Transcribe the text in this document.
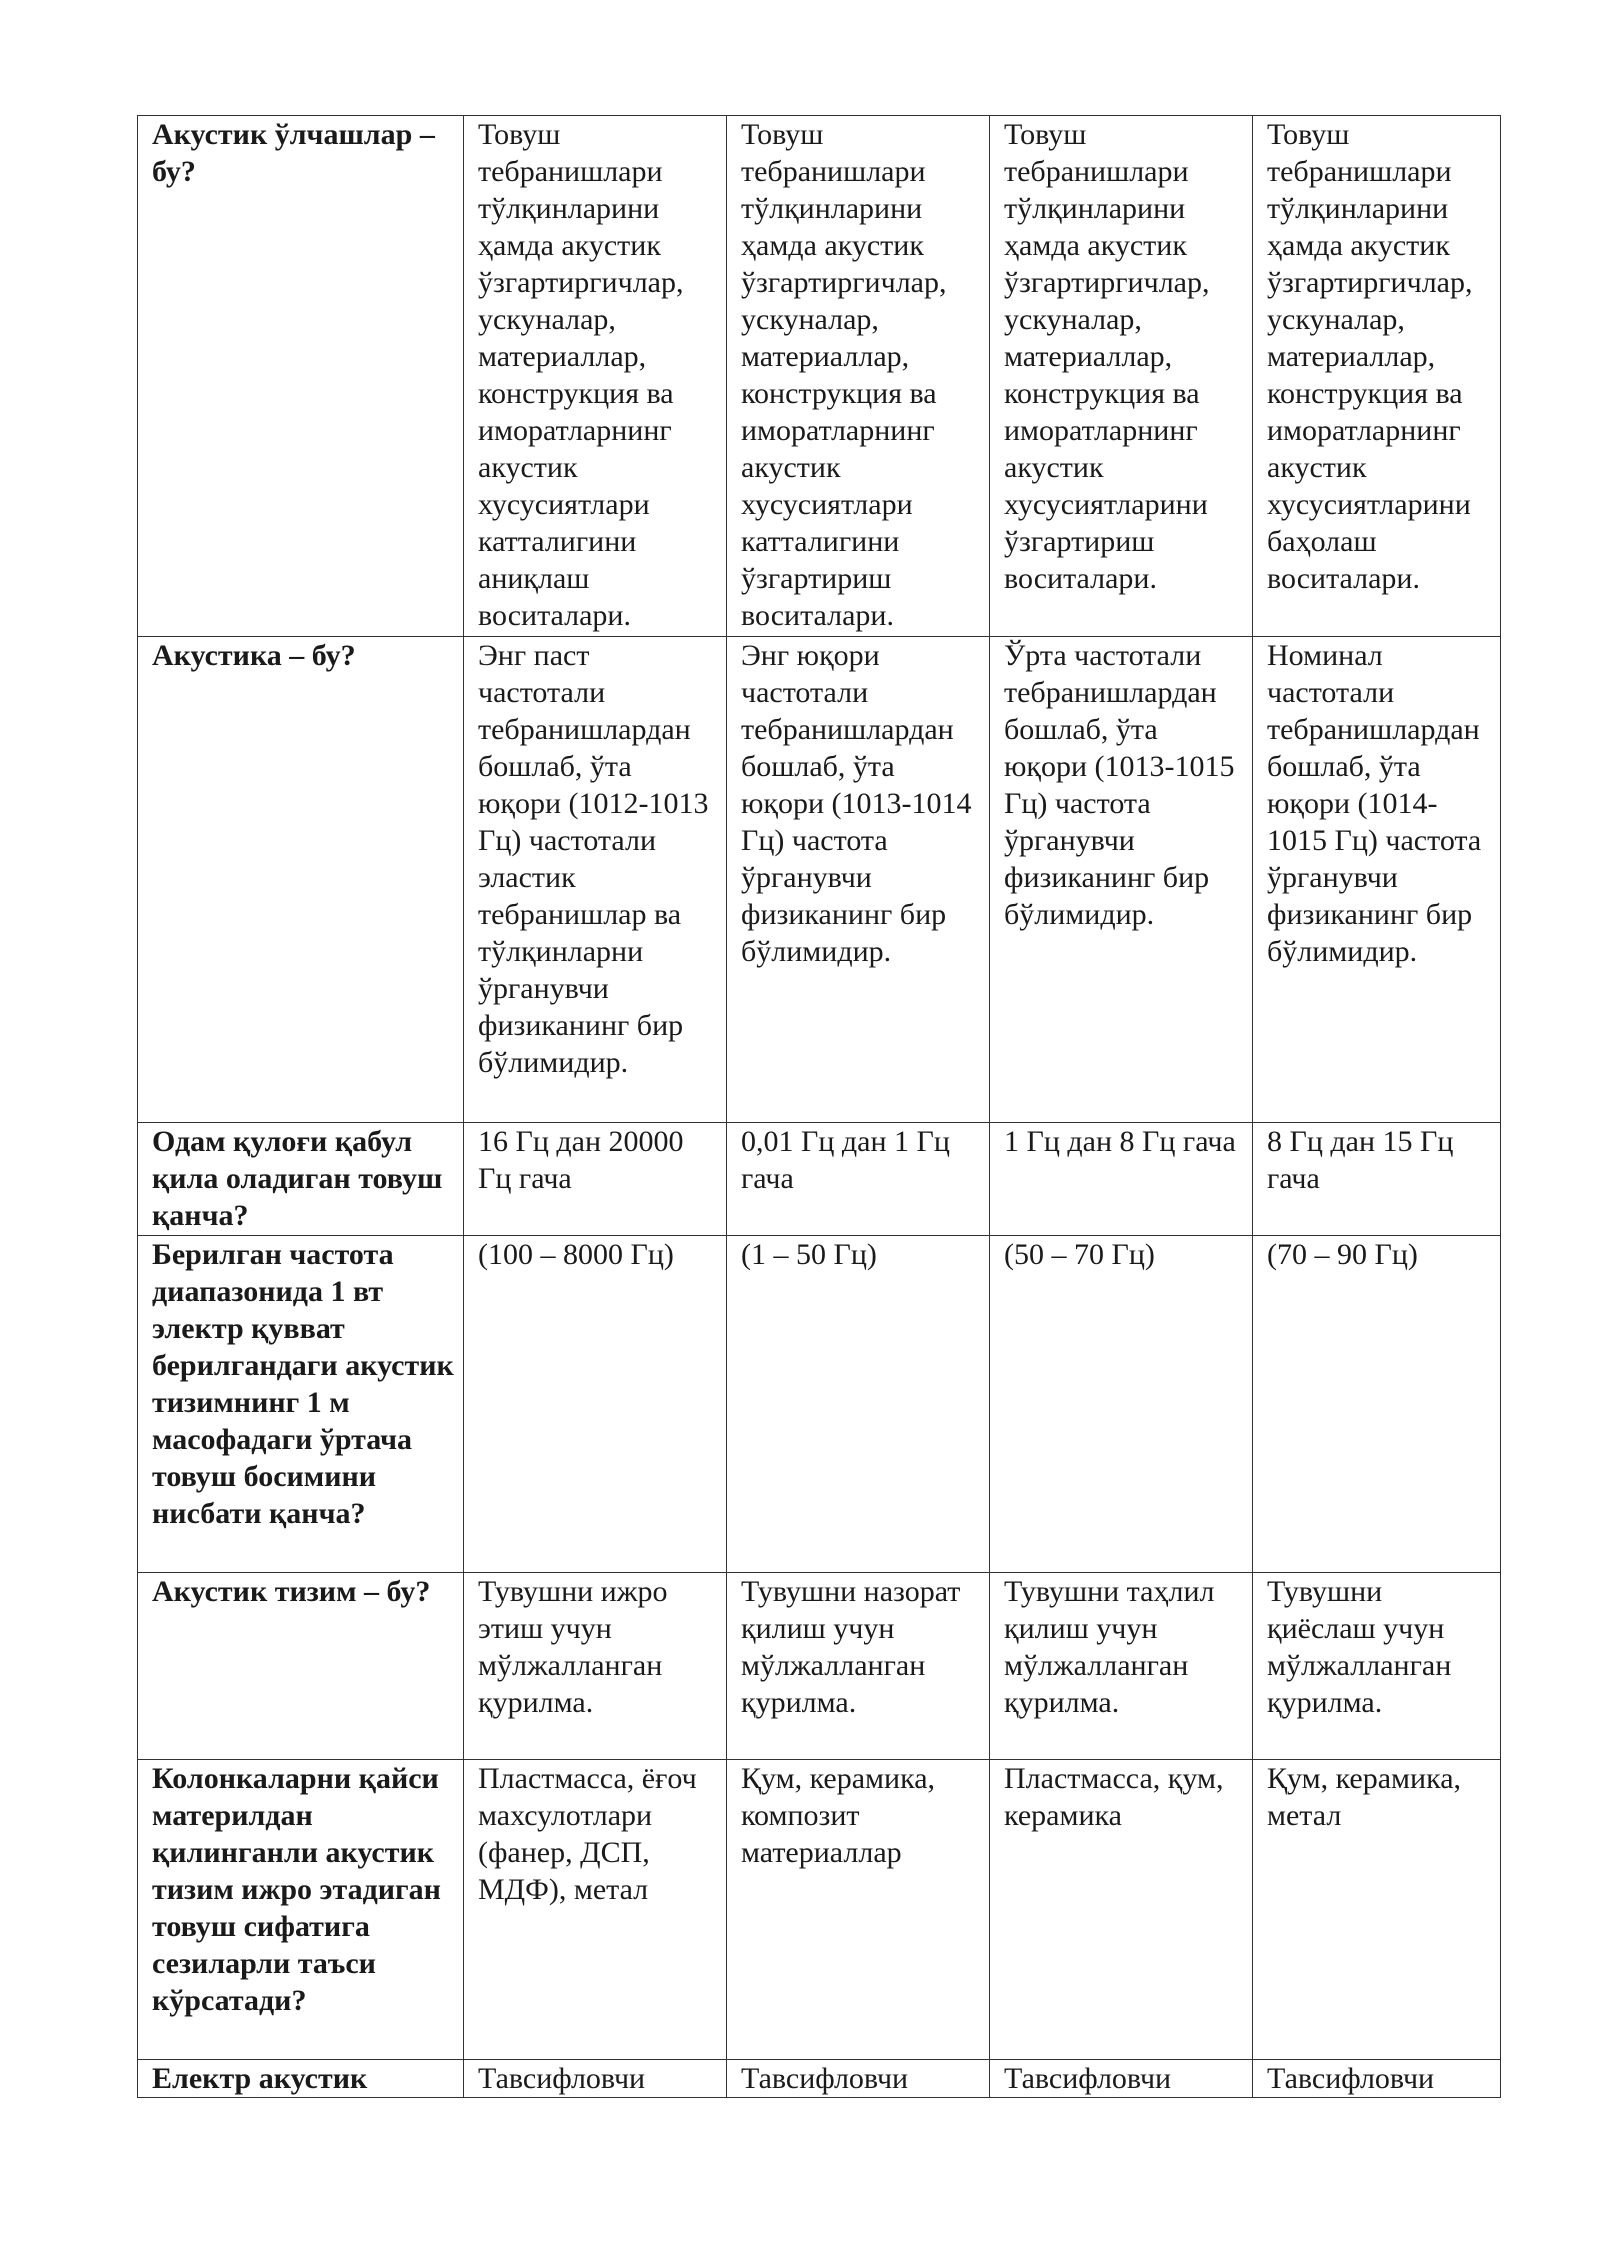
Акустик ўлчашлар – бу?	Товуш тебранишлари тўлқинларини ҳамда акустик ўзгартиргичлар, ускуналар, материаллар, конструкция ва иморатларнинг акустик хусусиятлари катталигини аниқлаш воситалари.	Товуш тебранишлари тўлқинларини ҳамда акустик ўзгартиргичлар, ускуналар, материаллар, конструкция ва иморатларнинг акустик хусусиятлари катталигини ўзгартириш воситалари.	Товуш тебранишлари тўлқинларини ҳамда акустик ўзгартиргичлар, ускуналар, материаллар, конструкция ва иморатларнинг акустик хусусиятларини ўзгартириш воситалари.	Товуш тебранишлари тўлқинларини ҳамда акустик ўзгартиргичлар, ускуналар, материаллар, конструкция ва иморатларнинг акустик хусусиятларини баҳолаш воситалари.

Акустика – бу?	Энг паст частотали тебранишлардан бошлаб, ўта юқори (1012-1013 Гц) частотали эластик тебранишлар ва тўлқинларни ўрганувчи физиканинг бир бўлимидир.	Энг юқори частотали тебранишлардан бошлаб, ўта юқори (1013-1014 Гц) частота ўрганувчи физиканинг бир бўлимидир.	Ўрта частотали тебранишлардан бошлаб, ўта юқори (1013-1015 Гц) частота ўрганувчи физиканинг бир бўлимидир.	Номинал частотали тебранишлардан бошлаб, ўта юқори (1014-1015 Гц) частота ўрганувчи физиканинг бир бўлимидир.

Одам қулоғи қабул қила оладиган товуш қанча?	16 Гц дан 20000 Гц гача	0,01 Гц дан 1 Гц гача	1 Гц дан 8 Гц гача	8 Гц дан 15 Гц гача

Берилган частота диапазонида 1 вт электр қувват берилгандаги акустик тизимнинг 1 м масофадаги ўртача товуш босимини нисбати қанча?	(100 – 8000 Гц)	(1 – 50 Гц)	(50 – 70 Гц)	(70 – 90 Гц)

Акустик тизим – бу?	Тувушни ижро этиш учун мўлжалланган қурилма.	Тувушни назорат қилиш учун мўлжалланган қурилма.	Тувушни таҳлил қилиш учун мўлжалланган қурилма.	Тувушни қиёслаш учун мўлжалланган қурилма.

Колонкаларни қайси материлдан қилинганли акустик тизим ижро этадиган товуш сифатига сезиларли таъси кўрсатади?	Пластмасса, ёғоч махсулотлари (фанер, ДСП, МДФ), метал	Қум, керамика, композит материаллар	Пластмасса, қум, керамика	Қум, керамика, метал

Електр акустик	Тавсифловчи	Тавсифловчи	Тавсифловчи	Тавсифловчи
